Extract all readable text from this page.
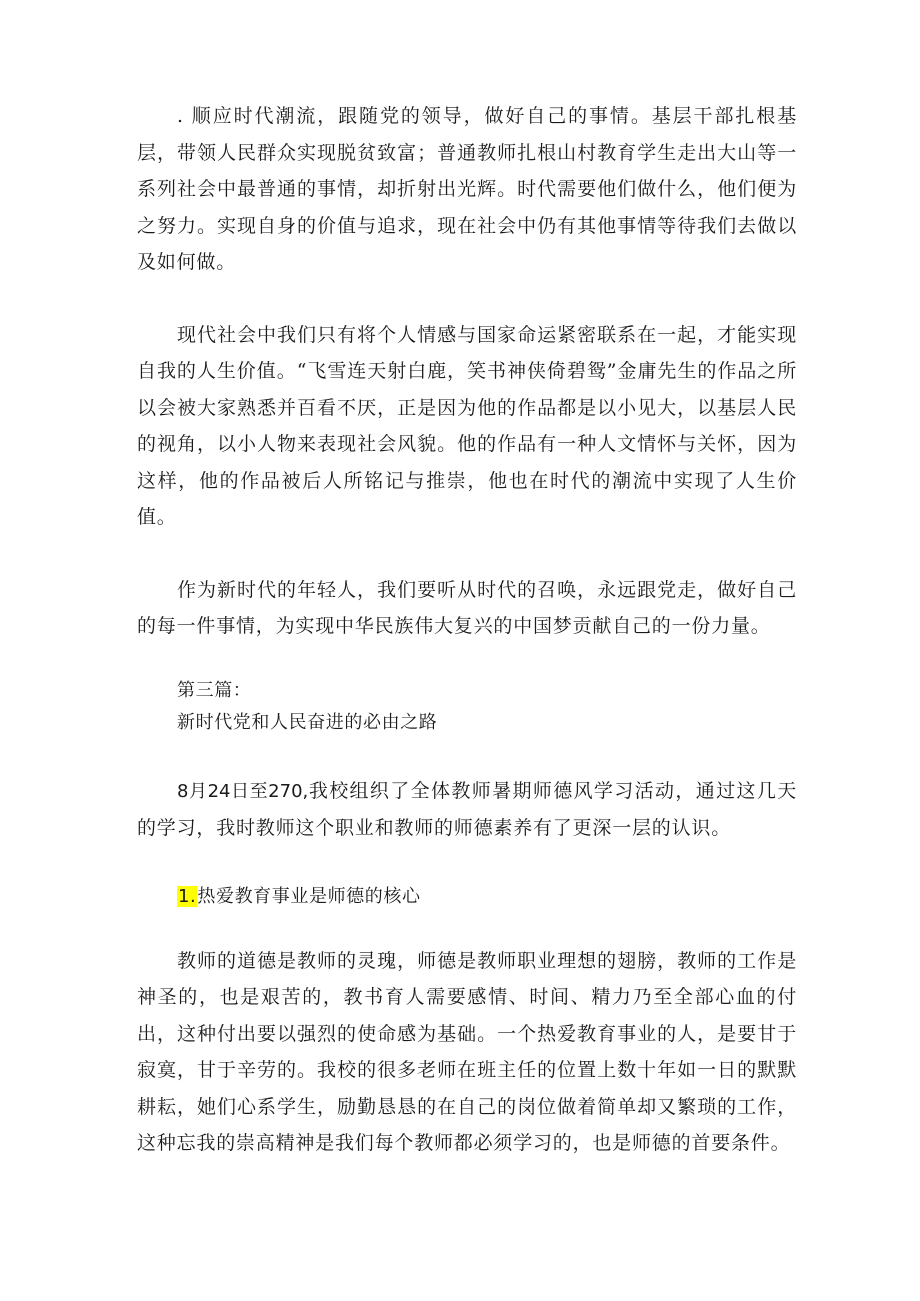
. 顺应时代潮流，跟随党的领导，做好自己的事情。基层干部扎根基层，带领人民群众实现脱贫致富；普通教师扎根山村教育学生走出大山等一系列社会中最普通的事情，却折射出光辉。时代需要他们做什么，他们便为之努力。实现自身的价值与追求，现在社会中仍有其他事情等待我们去做以及如何做。

现代社会中我们只有将个人情感与国家命运紧密联系在一起，才能实现自我的人生价值。“飞雪连天射白鹿，笑书神侠倚碧鸳”金庸先生的作品之所以会被大家熟悉并百看不厌，正是因为他的作品都是以小见大，以基层人民的视角，以小人物来表现社会风貌。他的作品有一种人文情怀与关怀，因为这样，他的作品被后人所铭记与推崇，他也在时代的潮流中实现了人生价值。

作为新时代的年轻人，我们要听从时代的召唤，永远跟党走，做好自己的每一件事情，为实现中华民族伟大复兴的中国梦贡献自己的一份力量。

第三篇：

新时代党和人民奋进的必由之路

8月24日至270,我校组织了全体教师暑期师德风学习活动，通过这几天的学习，我时教师这个职业和教师的师德素养有了更深一层的认识。

1.热爱教育事业是师德的核心

教师的道德是教师的灵瑰，师德是教师职业理想的翅膀，教师的工作是神圣的，也是艰苦的，教书育人需要感情、时间、精力乃至全部心血的付出，这种付出要以强烈的使命感为基础。一个热爱教育事业的人，是要甘于寂寞，甘于辛劳的。我校的很多老师在班主任的位置上数十年如一日的默默耕耘，她们心系学生，励勤恳恳的在自己的岗位做着简单却又繁琐的工作，这种忘我的崇高精神是我们每个教师都必须学习的，也是师德的首要条件。
